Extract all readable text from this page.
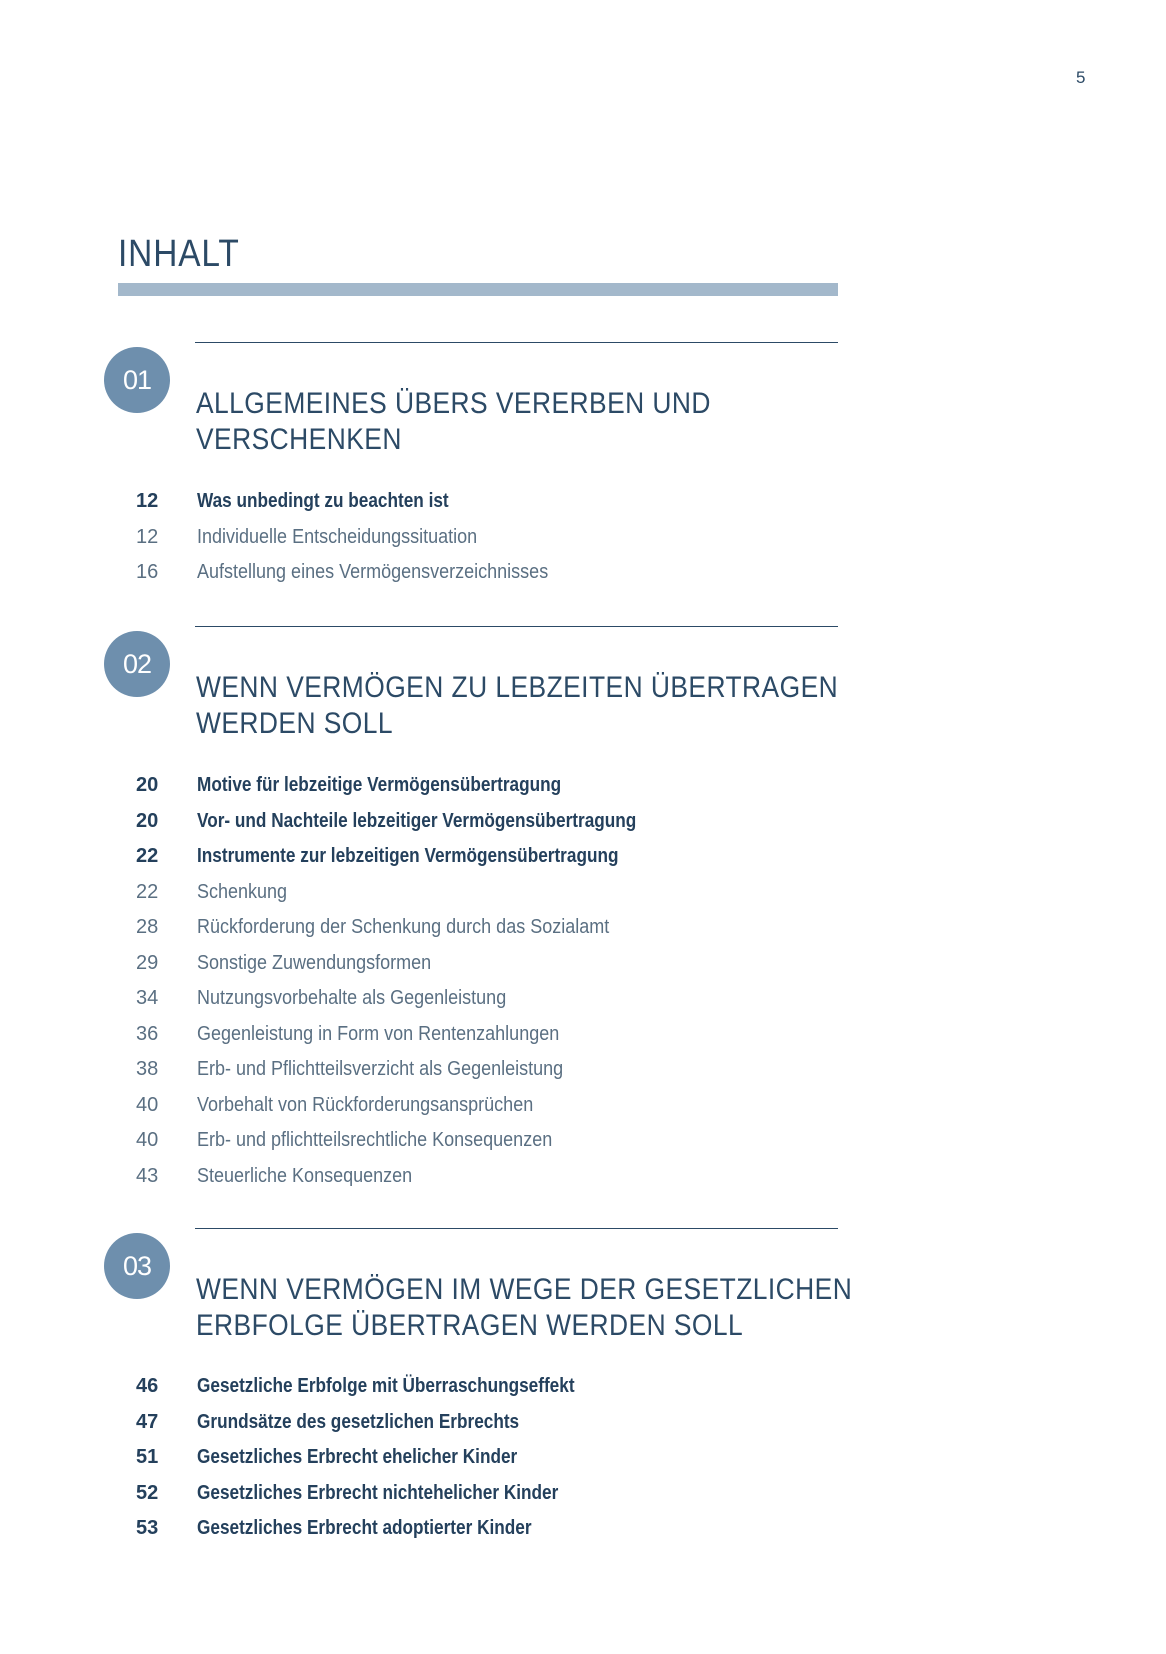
5
INHALT
01
ALLGEMEINES ÜBERS VERERBEN UND
VERSCHENKEN
12	Was unbedingt zu beachten ist
12	Individuelle Entscheidungssituation
16	Aufstellung eines Vermögensverzeichnisses
02
WENN VERMÖGEN ZU LEBZEITEN ÜBERTRAGEN
WERDEN SOLL
20	Motive für lebzeitige Vermögensübertragung
20	Vor- und Nachteile lebzeitiger Vermögensübertragung
22	Instrumente zur lebzeitigen Vermögensübertragung
22	Schenkung
28	Rückforderung der Schenkung durch das Sozialamt
29	Sonstige Zuwendungsformen
34	Nutzungsvorbehalte als Gegenleistung
36	Gegenleistung in Form von Rentenzahlungen
38	Erb- und Pflichtteilsverzicht als Gegenleistung
40	Vorbehalt von Rückforderungsansprüchen
40	Erb- und pflichtteilsrechtliche Konsequenzen
43	Steuerliche Konsequenzen
03
WENN VERMÖGEN IM WEGE DER GESETZLICHEN
ERBFOLGE ÜBERTRAGEN WERDEN SOLL
46	Gesetzliche Erbfolge mit Überraschungseffekt
47	Grundsätze des gesetzlichen Erbrechts
51	Gesetzliches Erbrecht ehelicher Kinder
52	Gesetzliches Erbrecht nichtehelicher Kinder
53	Gesetzliches Erbrecht adoptierter Kinder
